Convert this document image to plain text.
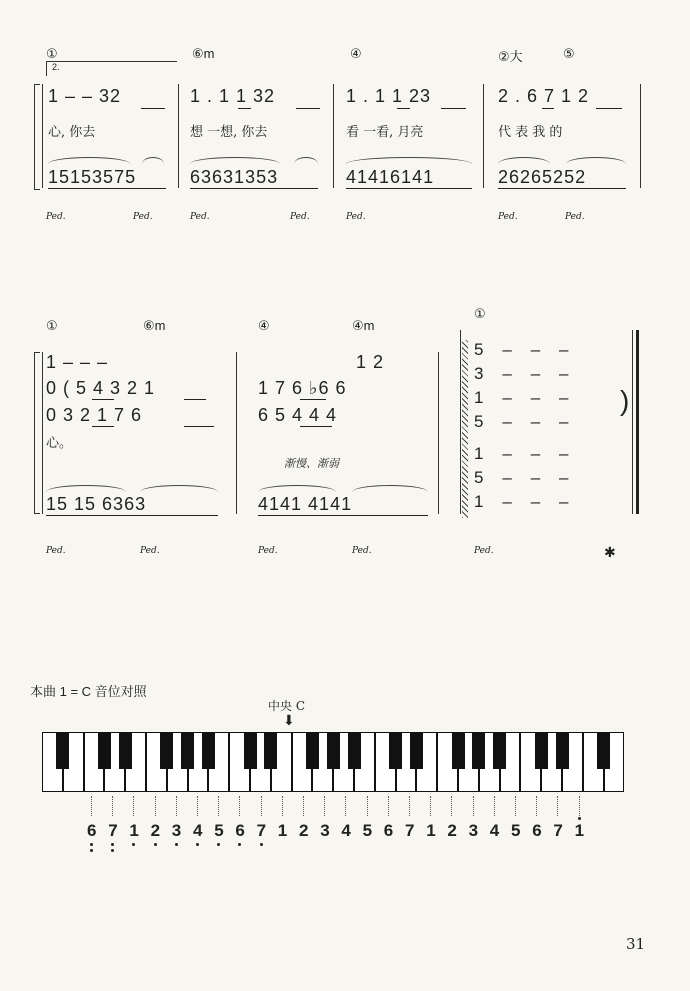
①	⑥m	④	②大	⑤
2.
1 – – 32	1 . 1 1 32	1 . 1 1 23	2 . 6 7 1 2
心, 你去	想 一想, 你去	看 一看, 月亮	代 表 我 的
15153575	63631353	41416141	26265252
Ped.	Ped.	Ped.	Ped.	Ped.	Ped.	Ped.
①	⑥m	④	④m
①
1 – – –	1 2
0 ( 5 4 3 2 1	1 7 6 ♭6 6
0 3 2 1 7 6	6 5 4 4 4	)
心。
渐慢、渐弱
15 15 6363	4141 4141
5    –    –    –
3    –    –    –
1    –    –    –
5    –    –    –
1    –    –    –
5    –    –    –
1    –    –    –
Ped.	Ped.	Ped.	Ped.	Ped.	✱
本曲 1 = C 音位对照
中央 C
⬇
6 7 1 2 3 4 5 6 7 1 2 3 4 5 6 7 1 2 3 4 5 6 7 1
31
